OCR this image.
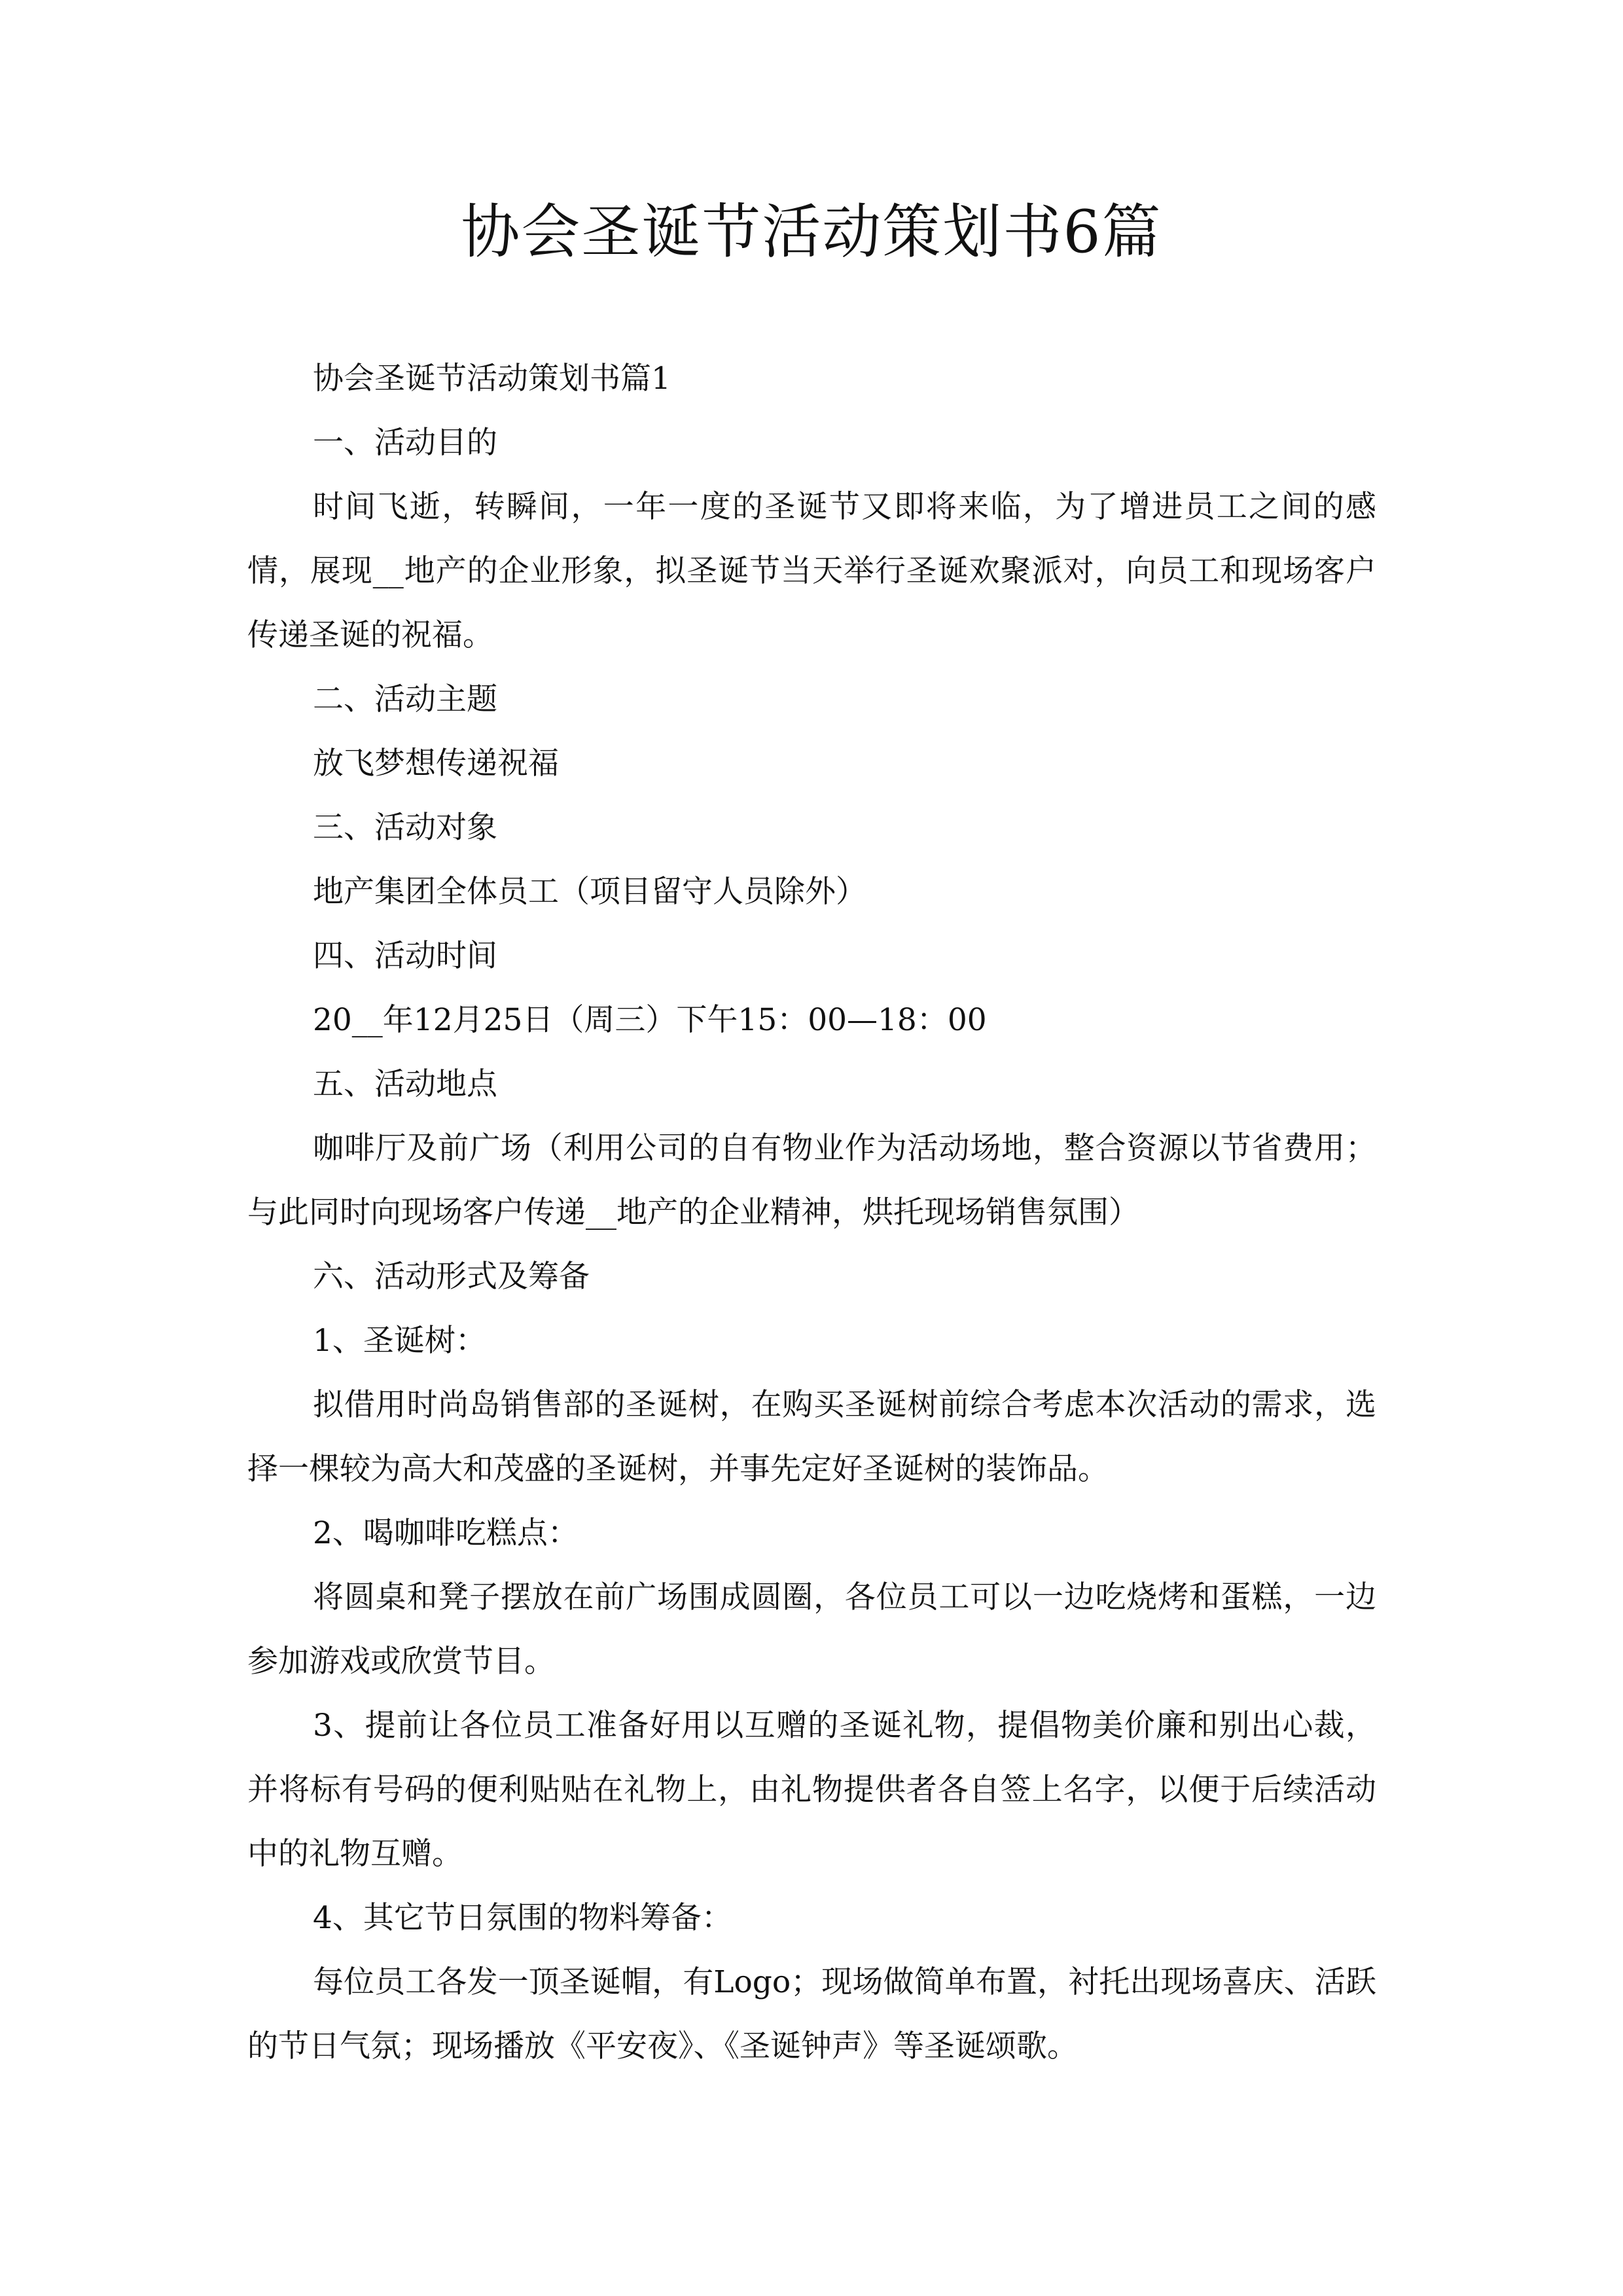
协会圣诞节活动策划书6篇

协会圣诞节活动策划书篇1

一、活动目的

时间飞逝，转瞬间，一年一度的圣诞节又即将来临，为了增进员工之间的感情，展现__地产的企业形象，拟圣诞节当天举行圣诞欢聚派对，向员工和现场客户传递圣诞的祝福。

二、活动主题

放飞梦想传递祝福

三、活动对象

地产集团全体员工（项目留守人员除外）

四、活动时间

20__年12月25日（周三）下午15：00—18：00

五、活动地点

咖啡厅及前广场（利用公司的自有物业作为活动场地，整合资源以节省费用；与此同时向现场客户传递__地产的企业精神，烘托现场销售氛围）

六、活动形式及筹备

1、圣诞树：

拟借用时尚岛销售部的圣诞树，在购买圣诞树前综合考虑本次活动的需求，选择一棵较为高大和茂盛的圣诞树，并事先定好圣诞树的装饰品。

2、喝咖啡吃糕点：

将圆桌和凳子摆放在前广场围成圆圈，各位员工可以一边吃烧烤和蛋糕，一边参加游戏或欣赏节目。

3、提前让各位员工准备好用以互赠的圣诞礼物，提倡物美价廉和别出心裁，并将标有号码的便利贴贴在礼物上，由礼物提供者各自签上名字，以便于后续活动中的礼物互赠。

4、其它节日氛围的物料筹备：

每位员工各发一顶圣诞帽，有Logo；现场做简单布置，衬托出现场喜庆、活跃的节日气氛；现场播放《平安夜》、《圣诞钟声》等圣诞颂歌。
